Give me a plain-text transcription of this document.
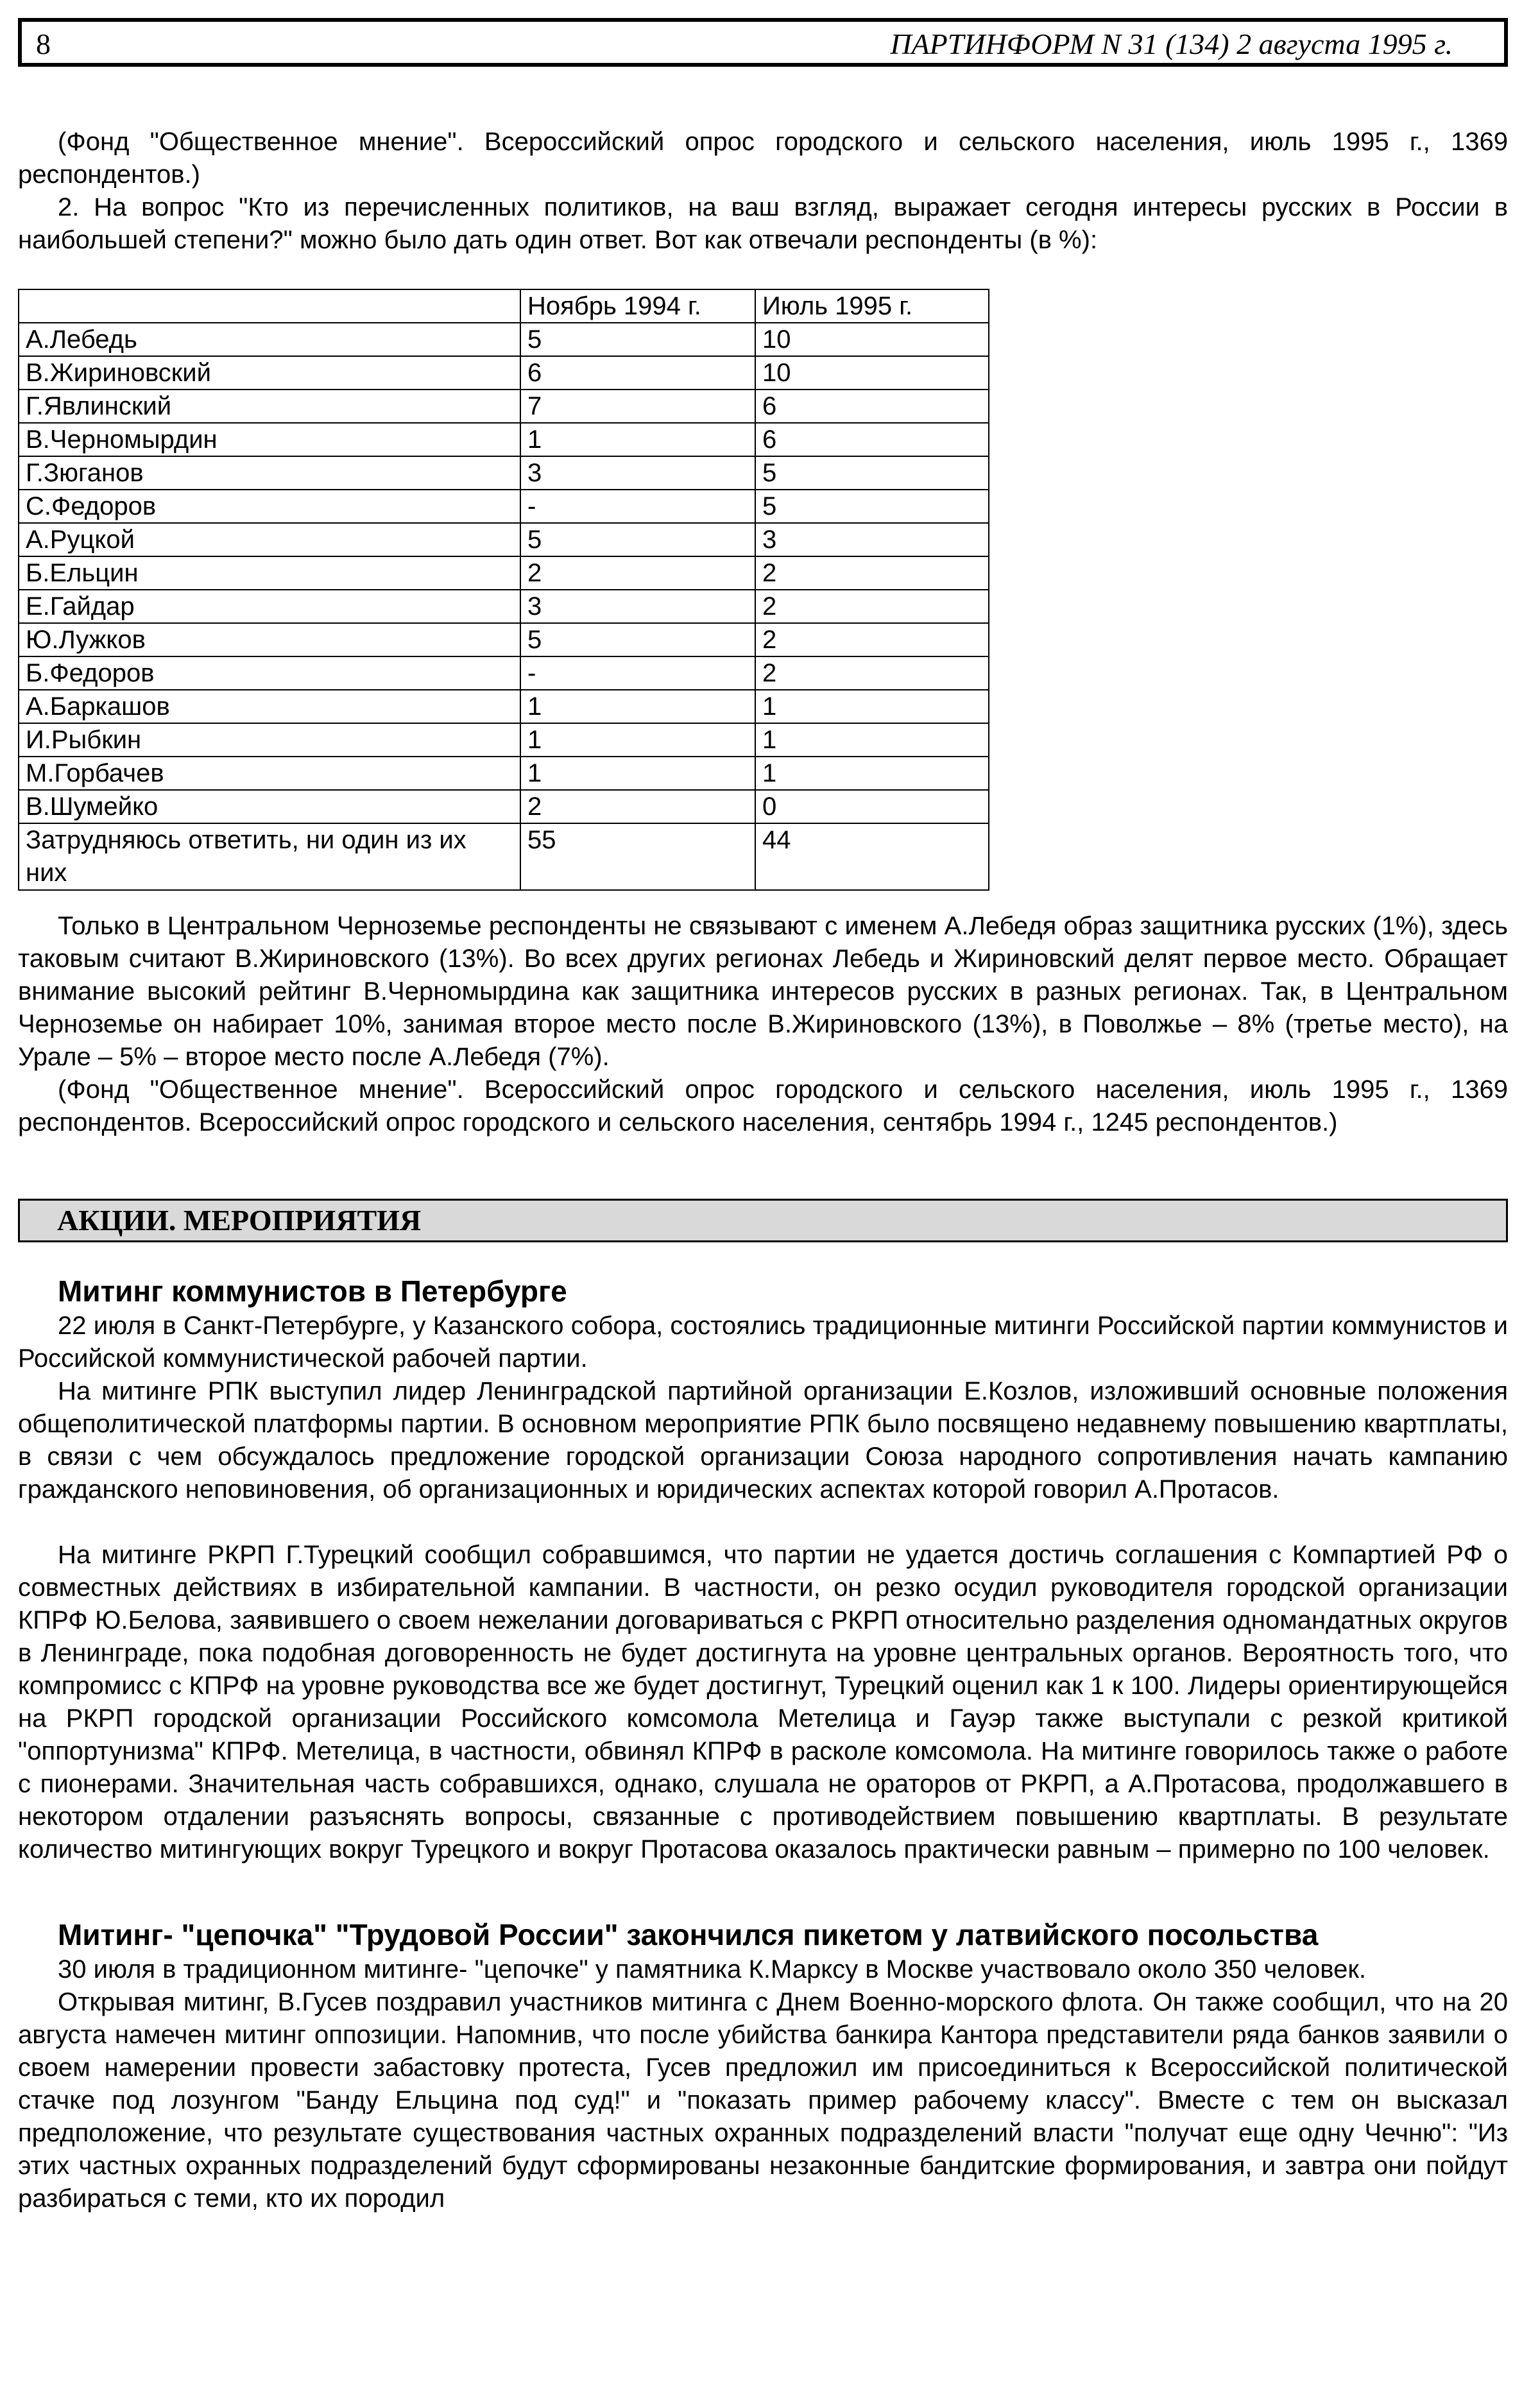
8	ПАРТИНФОРМ N 31 (134) 2 августа 1995 г.

(Фонд "Общественное мнение". Всероссийский опрос городского и сельского населения, июль 1995 г., 1369 респондентов.)

2. На вопрос "Кто из перечисленных политиков, на ваш взгляд, выражает сегодня интересы русских в России в наибольшей степени?" можно было дать один ответ. Вот как отвечали респонденты (в %):

	Ноябрь 1994 г.	Июль 1995 г.
А.Лебедь	5	10
В.Жириновский	6	10
Г.Явлинский	7	6
В.Черномырдин	1	6
Г.Зюганов	3	5
С.Федоров	-	5
А.Руцкой	5	3
Б.Ельцин	2	2
Е.Гайдар	3	2
Ю.Лужков	5	2
Б.Федоров	-	2
А.Баркашов	1	1
И.Рыбкин	1	1
М.Горбачев	1	1
В.Шумейко	2	0
Затрудняюсь ответить, ни один из их них	55	44

Только в Центральном Черноземье респонденты не связывают с именем А.Лебедя образ защитника русских (1%), здесь таковым считают В.Жириновского (13%). Во всех других регионах Лебедь и Жириновский делят первое место. Обращает внимание высокий рейтинг В.Черномырдина как защитника интересов русских в разных регионах. Так, в Центральном Черноземье он набирает 10%, занимая второе место после В.Жириновского (13%), в Поволжье – 8% (третье место), на Урале – 5% – второе место после А.Лебедя (7%).

(Фонд "Общественное мнение". Всероссийский опрос городского и сельского населения, июль 1995 г., 1369 респондентов. Всероссийский опрос городского и сельского населения, сентябрь 1994 г., 1245 респондентов.)

АКЦИИ. МЕРОПРИЯТИЯ
Митинг коммунистов в Петербурге

22 июля в Санкт-Петербурге, у Казанского собора, состоялись традиционные митинги Российской партии коммунистов и Российской коммунистической рабочей партии.

На митинге РПК выступил лидер Ленинградской партийной организации Е.Козлов, изложивший основные положения общеполитической платформы партии. В основном мероприятие РПК было посвящено недавнему повышению квартплаты, в связи с чем обсуждалось предложение городской организации Союза народного сопротивления начать кампанию гражданского неповиновения, об организационных и юридических аспектах которой говорил А.Протасов.

На митинге РКРП Г.Турецкий сообщил собравшимся, что партии не удается достичь соглашения с Компартией РФ о совместных действиях в избирательной кампании. В частности, он резко осудил руководителя городской организации КПРФ Ю.Белова, заявившего о своем нежелании договариваться с РКРП относительно разделения одномандатных округов в Ленинграде, пока подобная договоренность не будет достигнута на уровне центральных органов. Вероятность того, что компромисс с КПРФ на уровне руководства все же будет достигнут, Турецкий оценил как 1 к 100. Лидеры ориентирующейся на РКРП городской организации Российского комсомола Метелица и Гауэр также выступали с резкой критикой "оппортунизма" КПРФ. Метелица, в частности, обвинял КПРФ в расколе комсомола. На митинге говорилось также о работе с пионерами. Значительная часть собравшихся, однако, слушала не ораторов от РКРП, а А.Протасова, продолжавшего в некотором отдалении разъяснять вопросы, связанные с противодействием повышению квартплаты. В результате количество митингующих вокруг Турецкого и вокруг Протасова оказалось практически равным – примерно по 100 человек.

Митинг- "цепочка" "Трудовой России" закончился пикетом у латвийского посольства

30 июля в традиционном митинге- "цепочке" у памятника К.Марксу в Москве участвовало около 350 человек.

Открывая митинг, В.Гусев поздравил участников митинга с Днем Военно-морского флота. Он также сообщил, что на 20 августа намечен митинг оппозиции. Напомнив, что после убийства банкира Кантора представители ряда банков заявили о своем намерении провести забастовку протеста, Гусев предложил им присоединиться к Всероссийской политической стачке под лозунгом "Банду Ельцина под суд!" и "показать пример рабочему классу". Вместе с тем он высказал предположение, что результате существования частных охранных подразделений власти "получат еще одну Чечню": "Из этих частных охранных подразделений будут сформированы незаконные бандитские формирования, и завтра они пойдут разбираться с теми, кто их породил
